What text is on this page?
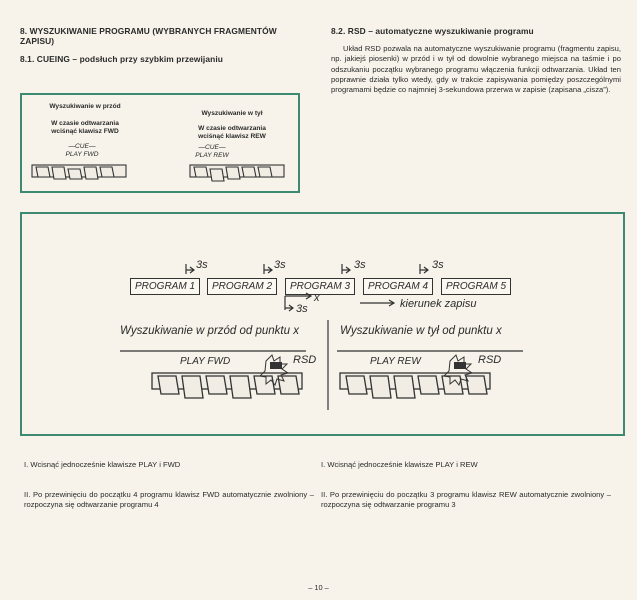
8. WYSZUKIWANIE PROGRAMU (WYBRANYCH FRAGMENTÓW ZAPISU)
8.1. CUEING – podsłuch przy szybkim przewijaniu
Wyszukiwanie w przód
W czasie odtwarzania
wciśnąć klawisz FWD
—CUE—
PLAY FWD
Wyszukiwanie w tył
W czasie odtwarzania
wciśnąć klawisz REW
—CUE—
PLAY REW
8.2. RSD – automatyczne wyszukiwanie programu
Układ RSD pozwala na automatyczne wyszukiwanie programu (fragmentu zapisu, np. jakiejś piosenki) w przód i w tył od dowolnie wybranego miejsca na taśmie i po odszukaniu początku wybranego programu włączenia funkcji odtwarzania. Układ ten poprawnie działa tylko wtedy, gdy w trakcie zapisywania pomiędzy poszczególnymi programami będzie co najmniej 3-sekundowa przerwa w zapisie (zapisana „cisza”).
PROGRAM 1	PROGRAM 2	PROGRAM 3	PROGRAM 4	PROGRAM 5
3s	3s	3s	3s
3s
x	kierunek zapisu
Wyszukiwanie w przód od punktu x	Wyszukiwanie w tył od punktu x
PLAY FWD	PLAY REW
RSD	RSD
I. Wcisnąć jednocześnie klawisze PLAY i FWD
II. Po przewinięciu do początku 4 programu klawisz FWD automatycznie zwolniony – rozpoczyna się odtwarzanie programu 4
I. Wcisnąć jednocześnie klawisze PLAY i REW
II. Po przewinięciu do początku 3 programu klawisz REW automatycznie zwolniony – rozpoczyna się odtwarzanie programu 3
– 10 –
